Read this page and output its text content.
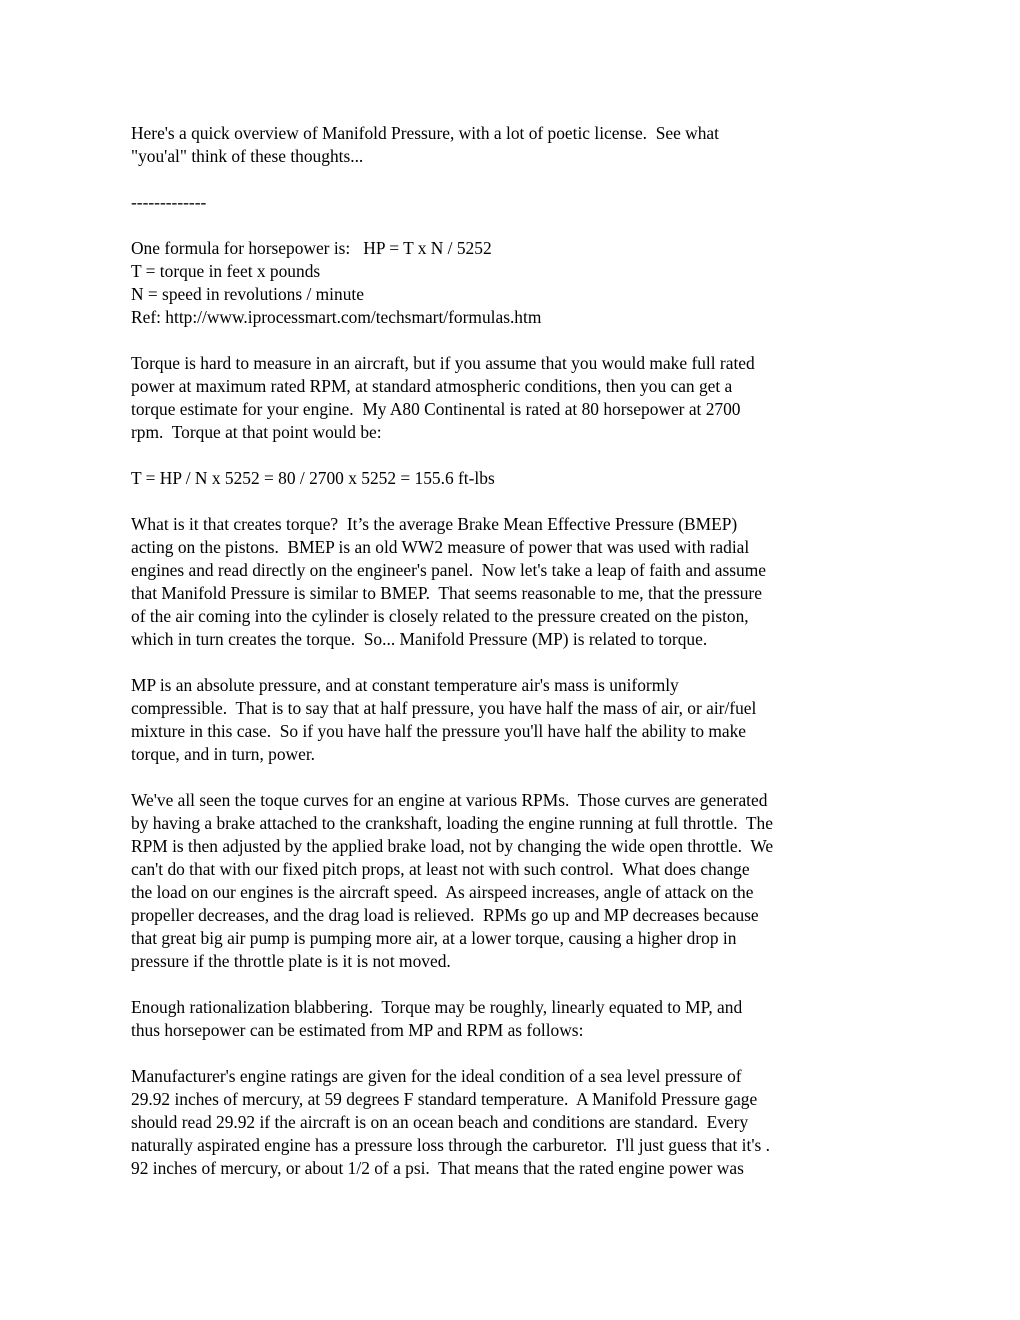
Here's a quick overview of Manifold Pressure, with a lot of poetic license.  See what
"you'al" think of these thoughts...
-------------
One formula for horsepower is:   HP = T x N / 5252
T = torque in feet x pounds
N = speed in revolutions / minute
Ref: http://www.iprocessmart.com/techsmart/formulas.htm
Torque is hard to measure in an aircraft, but if you assume that you would make full rated
power at maximum rated RPM, at standard atmospheric conditions, then you can get a
torque estimate for your engine.  My A80 Continental is rated at 80 horsepower at 2700
rpm.  Torque at that point would be:
T = HP / N x 5252 = 80 / 2700 x 5252 = 155.6 ft-lbs
What is it that creates torque?  It’s the average Brake Mean Effective Pressure (BMEP)
acting on the pistons.  BMEP is an old WW2 measure of power that was used with radial
engines and read directly on the engineer's panel.  Now let's take a leap of faith and assume
that Manifold Pressure is similar to BMEP.  That seems reasonable to me, that the pressure
of the air coming into the cylinder is closely related to the pressure created on the piston,
which in turn creates the torque.  So... Manifold Pressure (MP) is related to torque.
MP is an absolute pressure, and at constant temperature air's mass is uniformly
compressible.  That is to say that at half pressure, you have half the mass of air, or air/fuel
mixture in this case.  So if you have half the pressure you'll have half the ability to make
torque, and in turn, power.
We've all seen the toque curves for an engine at various RPMs.  Those curves are generated
by having a brake attached to the crankshaft, loading the engine running at full throttle.  The
RPM is then adjusted by the applied brake load, not by changing the wide open throttle.  We
can't do that with our fixed pitch props, at least not with such control.  What does change
the load on our engines is the aircraft speed.  As airspeed increases, angle of attack on the
propeller decreases, and the drag load is relieved.  RPMs go up and MP decreases because
that great big air pump is pumping more air, at a lower torque, causing a higher drop in
pressure if the throttle plate is it is not moved.
Enough rationalization blabbering.  Torque may be roughly, linearly equated to MP, and
thus horsepower can be estimated from MP and RPM as follows:
Manufacturer's engine ratings are given for the ideal condition of a sea level pressure of
29.92 inches of mercury, at 59 degrees F standard temperature.  A Manifold Pressure gage
should read 29.92 if the aircraft is on an ocean beach and conditions are standard.  Every
naturally aspirated engine has a pressure loss through the carburetor.  I'll just guess that it's .
92 inches of mercury, or about 1/2 of a psi.  That means that the rated engine power was
